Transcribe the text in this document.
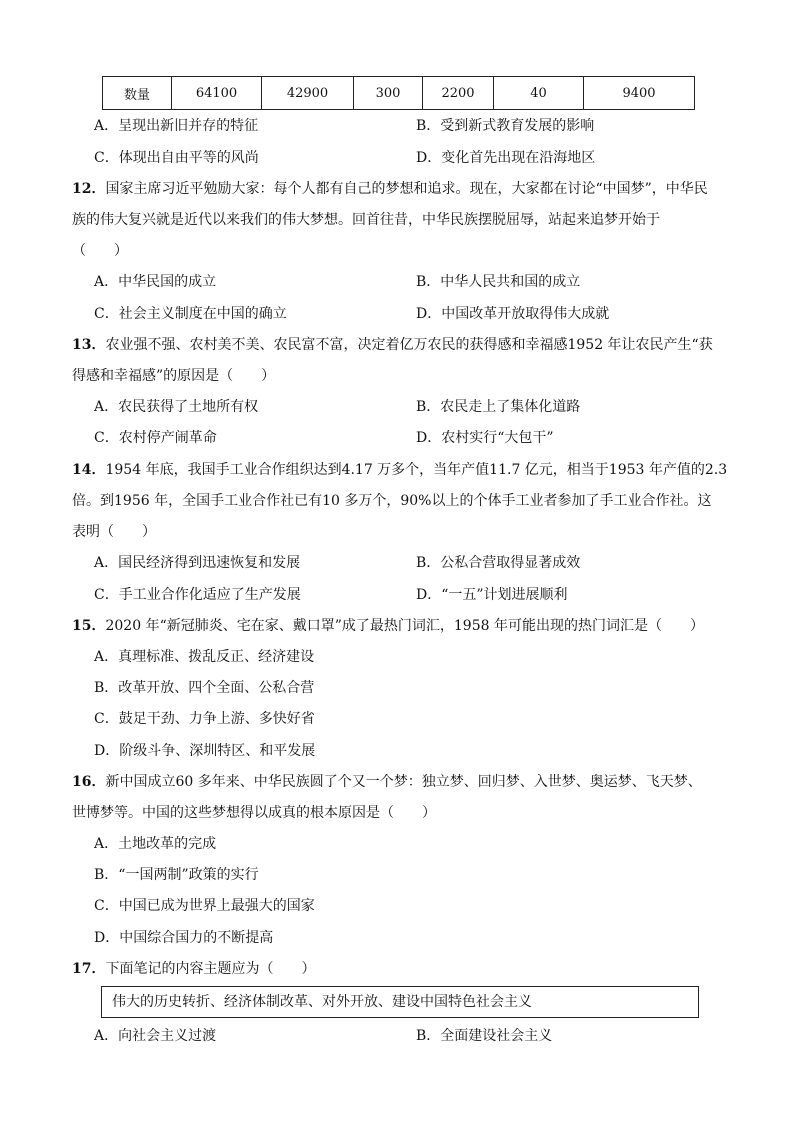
数量	64100	42900	300	2200	40	9400
A．呈现出新旧并存的特征	B．受到新式教育发展的影响
C．体现出自由平等的风尚	D．变化首先出现在沿海地区
12．国家主席习近平勉励大家：每个人都有自己的梦想和追求。现在，大家都在讨论“中国梦”，中华民
族的伟大复兴就是近代以来我们的伟大梦想。回首往昔，中华民族摆脱屈辱，站起来追梦开始于
（　　）
A．中华民国的成立	B．中华人民共和国的成立
C．社会主义制度在中国的确立	D．中国改革开放取得伟大成就
13．农业强不强、农村美不美、农民富不富，决定着亿万农民的获得感和幸福感1952 年让农民产生“获
得感和幸福感”的原因是（　　）
A．农民获得了土地所有权	B．农民走上了集体化道路
C．农村停产闹革命	D．农村实行“大包干”
14．1954 年底，我国手工业合作组织达到4.17 万多个，当年产值11.7 亿元，相当于1953 年产值的2.3
倍。到1956 年，全国手工业合作社已有10 多万个，90%以上的个体手工业者参加了手工业合作社。这
表明（　　）
A．国民经济得到迅速恢复和发展	B．公私合营取得显著成效
C．手工业合作化适应了生产发展	D．“一五”计划进展顺利
15．2020 年“新冠肺炎、宅在家、戴口罩”成了最热门词汇，1958 年可能出现的热门词汇是（　　）
A．真理标准、拨乱反正、经济建设
B．改革开放、四个全面、公私合营
C．鼓足干劲、力争上游、多快好省
D．阶级斗争、深圳特区、和平发展
16．新中国成立60 多年来、中华民族圆了个又一个梦：独立梦、回归梦、入世梦、奥运梦、飞天梦、
世博梦等。中国的这些梦想得以成真的根本原因是（　　）
A．土地改革的完成
B．“一国两制”政策的实行
C．中国已成为世界上最强大的国家
D．中国综合国力的不断提高
17．下面笔记的内容主题应为（　　）
伟大的历史转折、经济体制改革、对外开放、建设中国特色社会主义
A．向社会主义过渡	B．全面建设社会主义
